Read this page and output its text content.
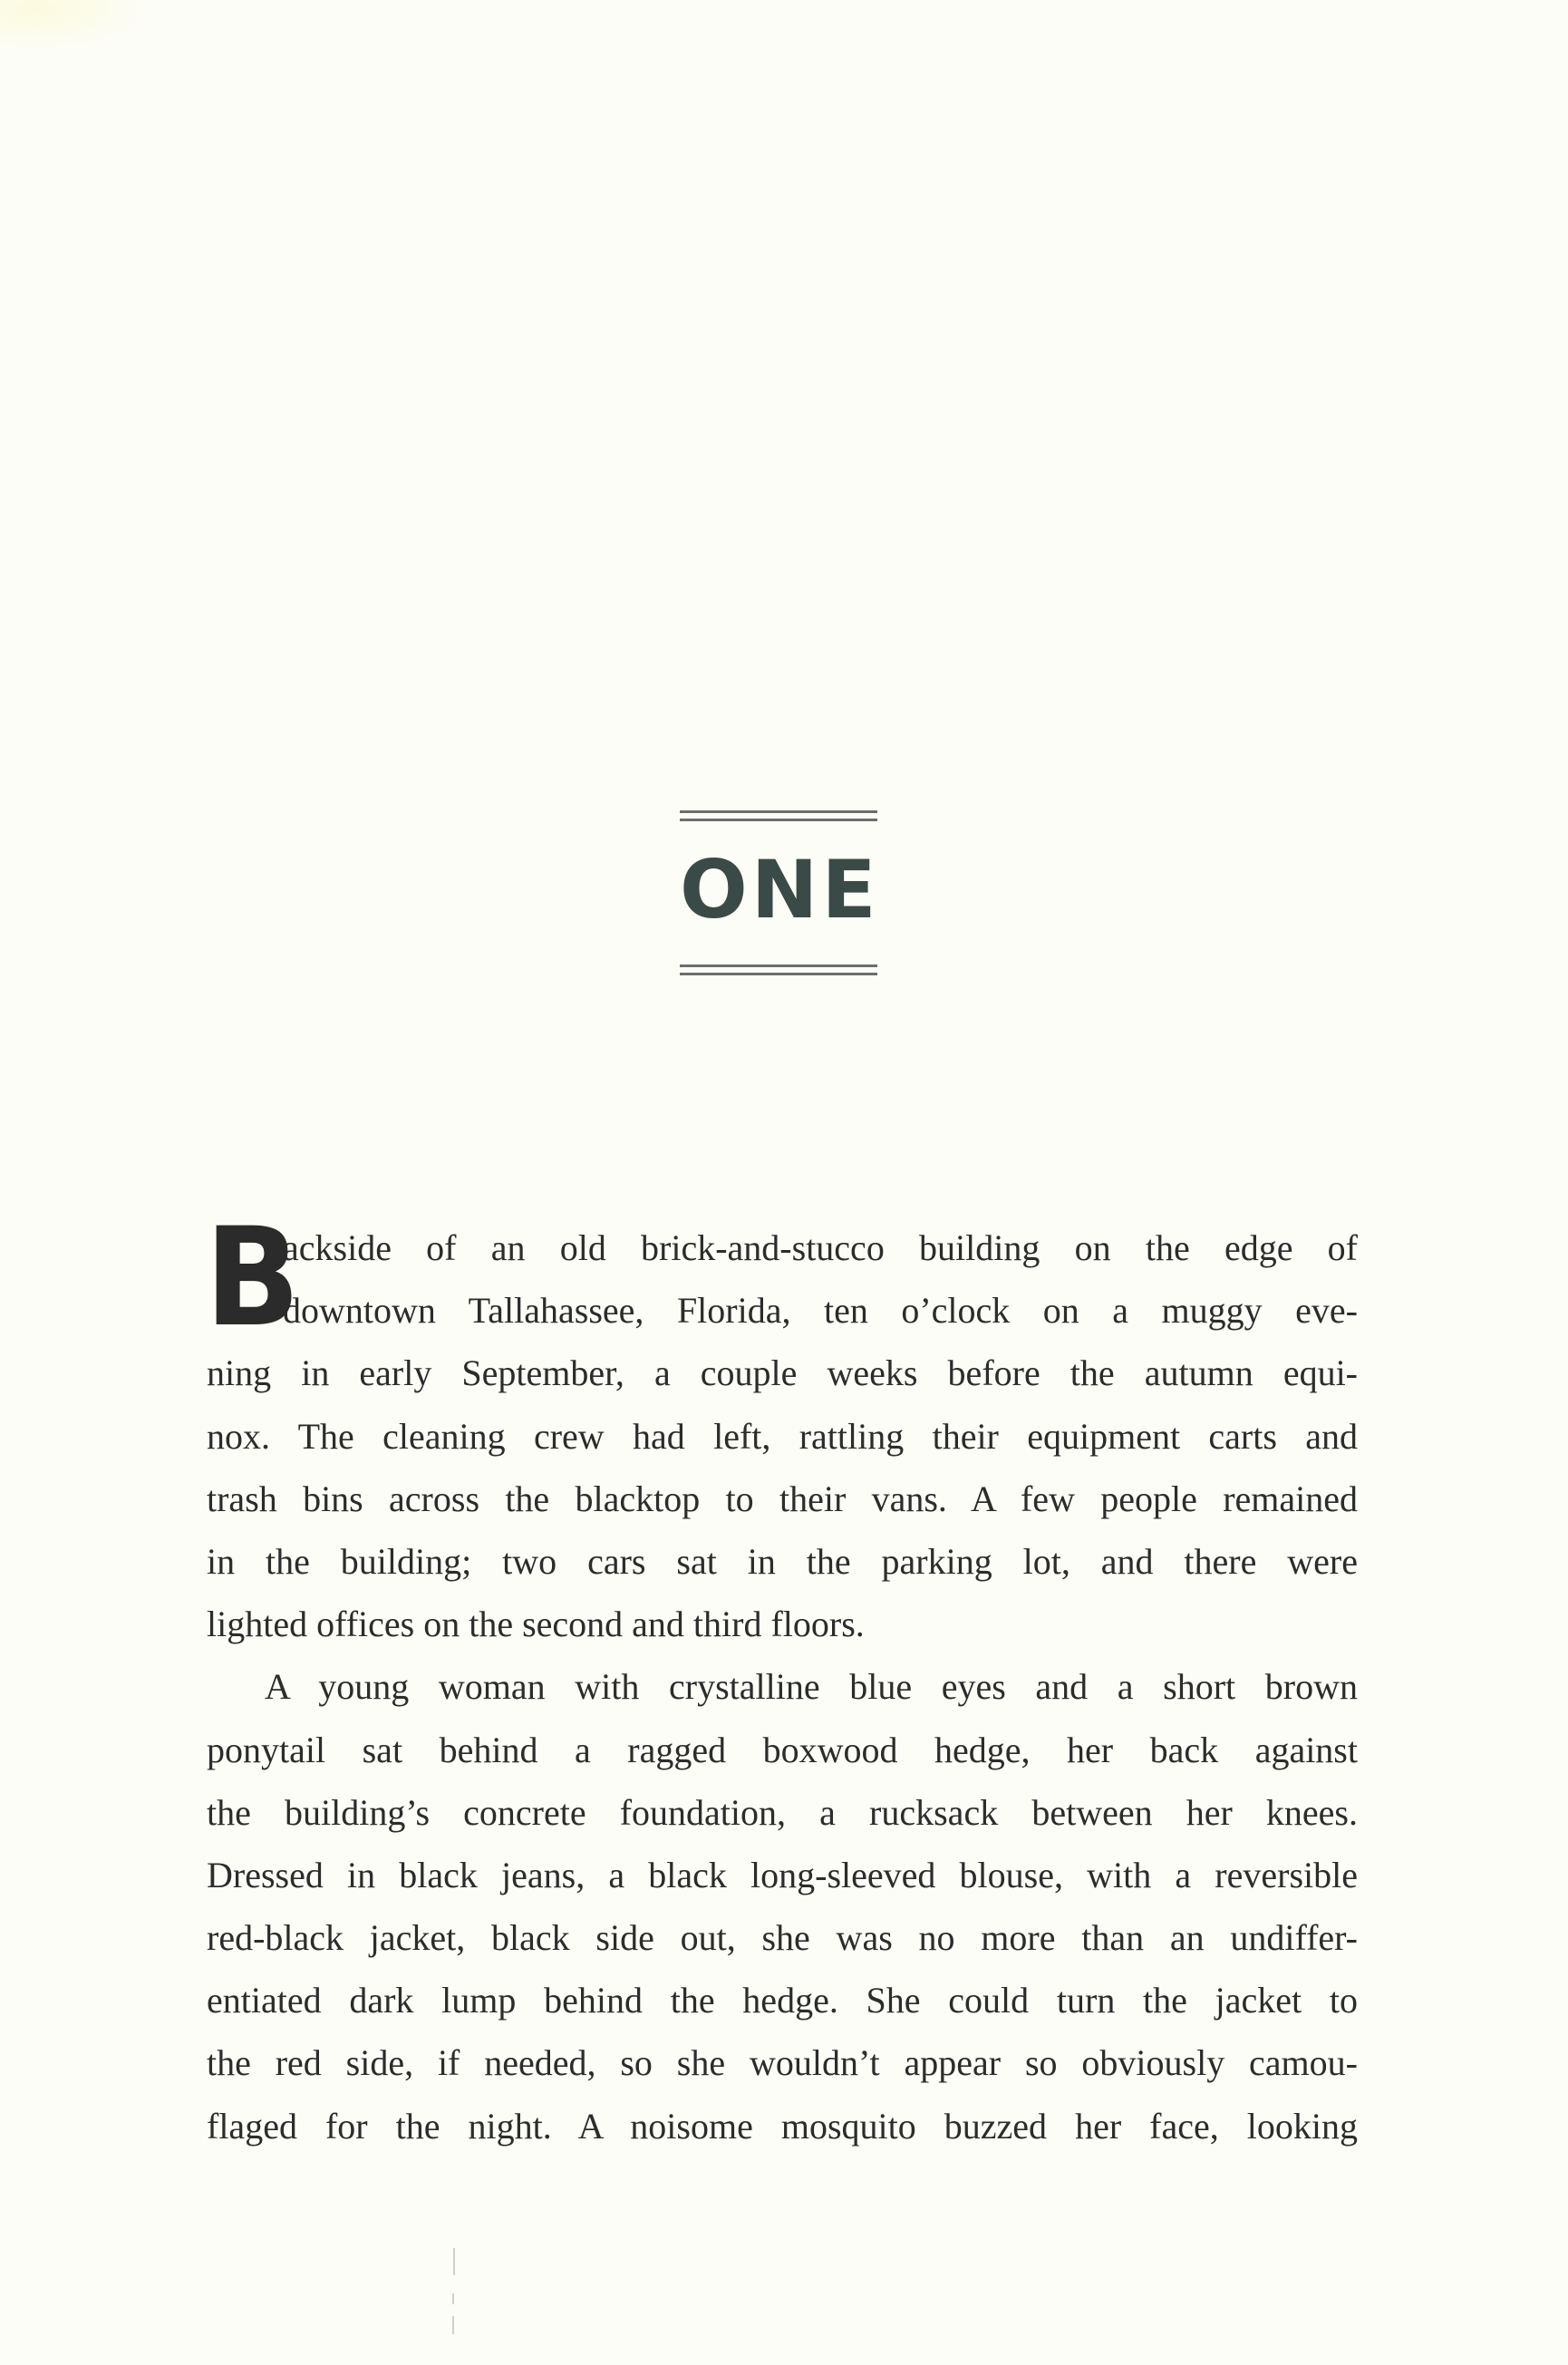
ONE
B
ackside of an old brick-and-stucco building on the edge of
downtown Tallahassee, Florida, ten o’clock on a muggy eve-
ning in early September, a couple weeks before the autumn equi-
nox. The cleaning crew had left, rattling their equipment carts and
trash bins across the blacktop to their vans. A few people remained
in the building; two cars sat in the parking lot, and there were
lighted offices on the second and third floors.
A young woman with crystalline blue eyes and a short brown
ponytail sat behind a ragged boxwood hedge, her back against
the building’s concrete foundation, a rucksack between her knees.
Dressed in black jeans, a black long-sleeved blouse, with a reversible
red-black jacket, black side out, she was no more than an undiffer-
entiated dark lump behind the hedge. She could turn the jacket to
the red side, if needed, so she wouldn’t appear so obviously camou-
flaged for the night. A noisome mosquito buzzed her face, looking
